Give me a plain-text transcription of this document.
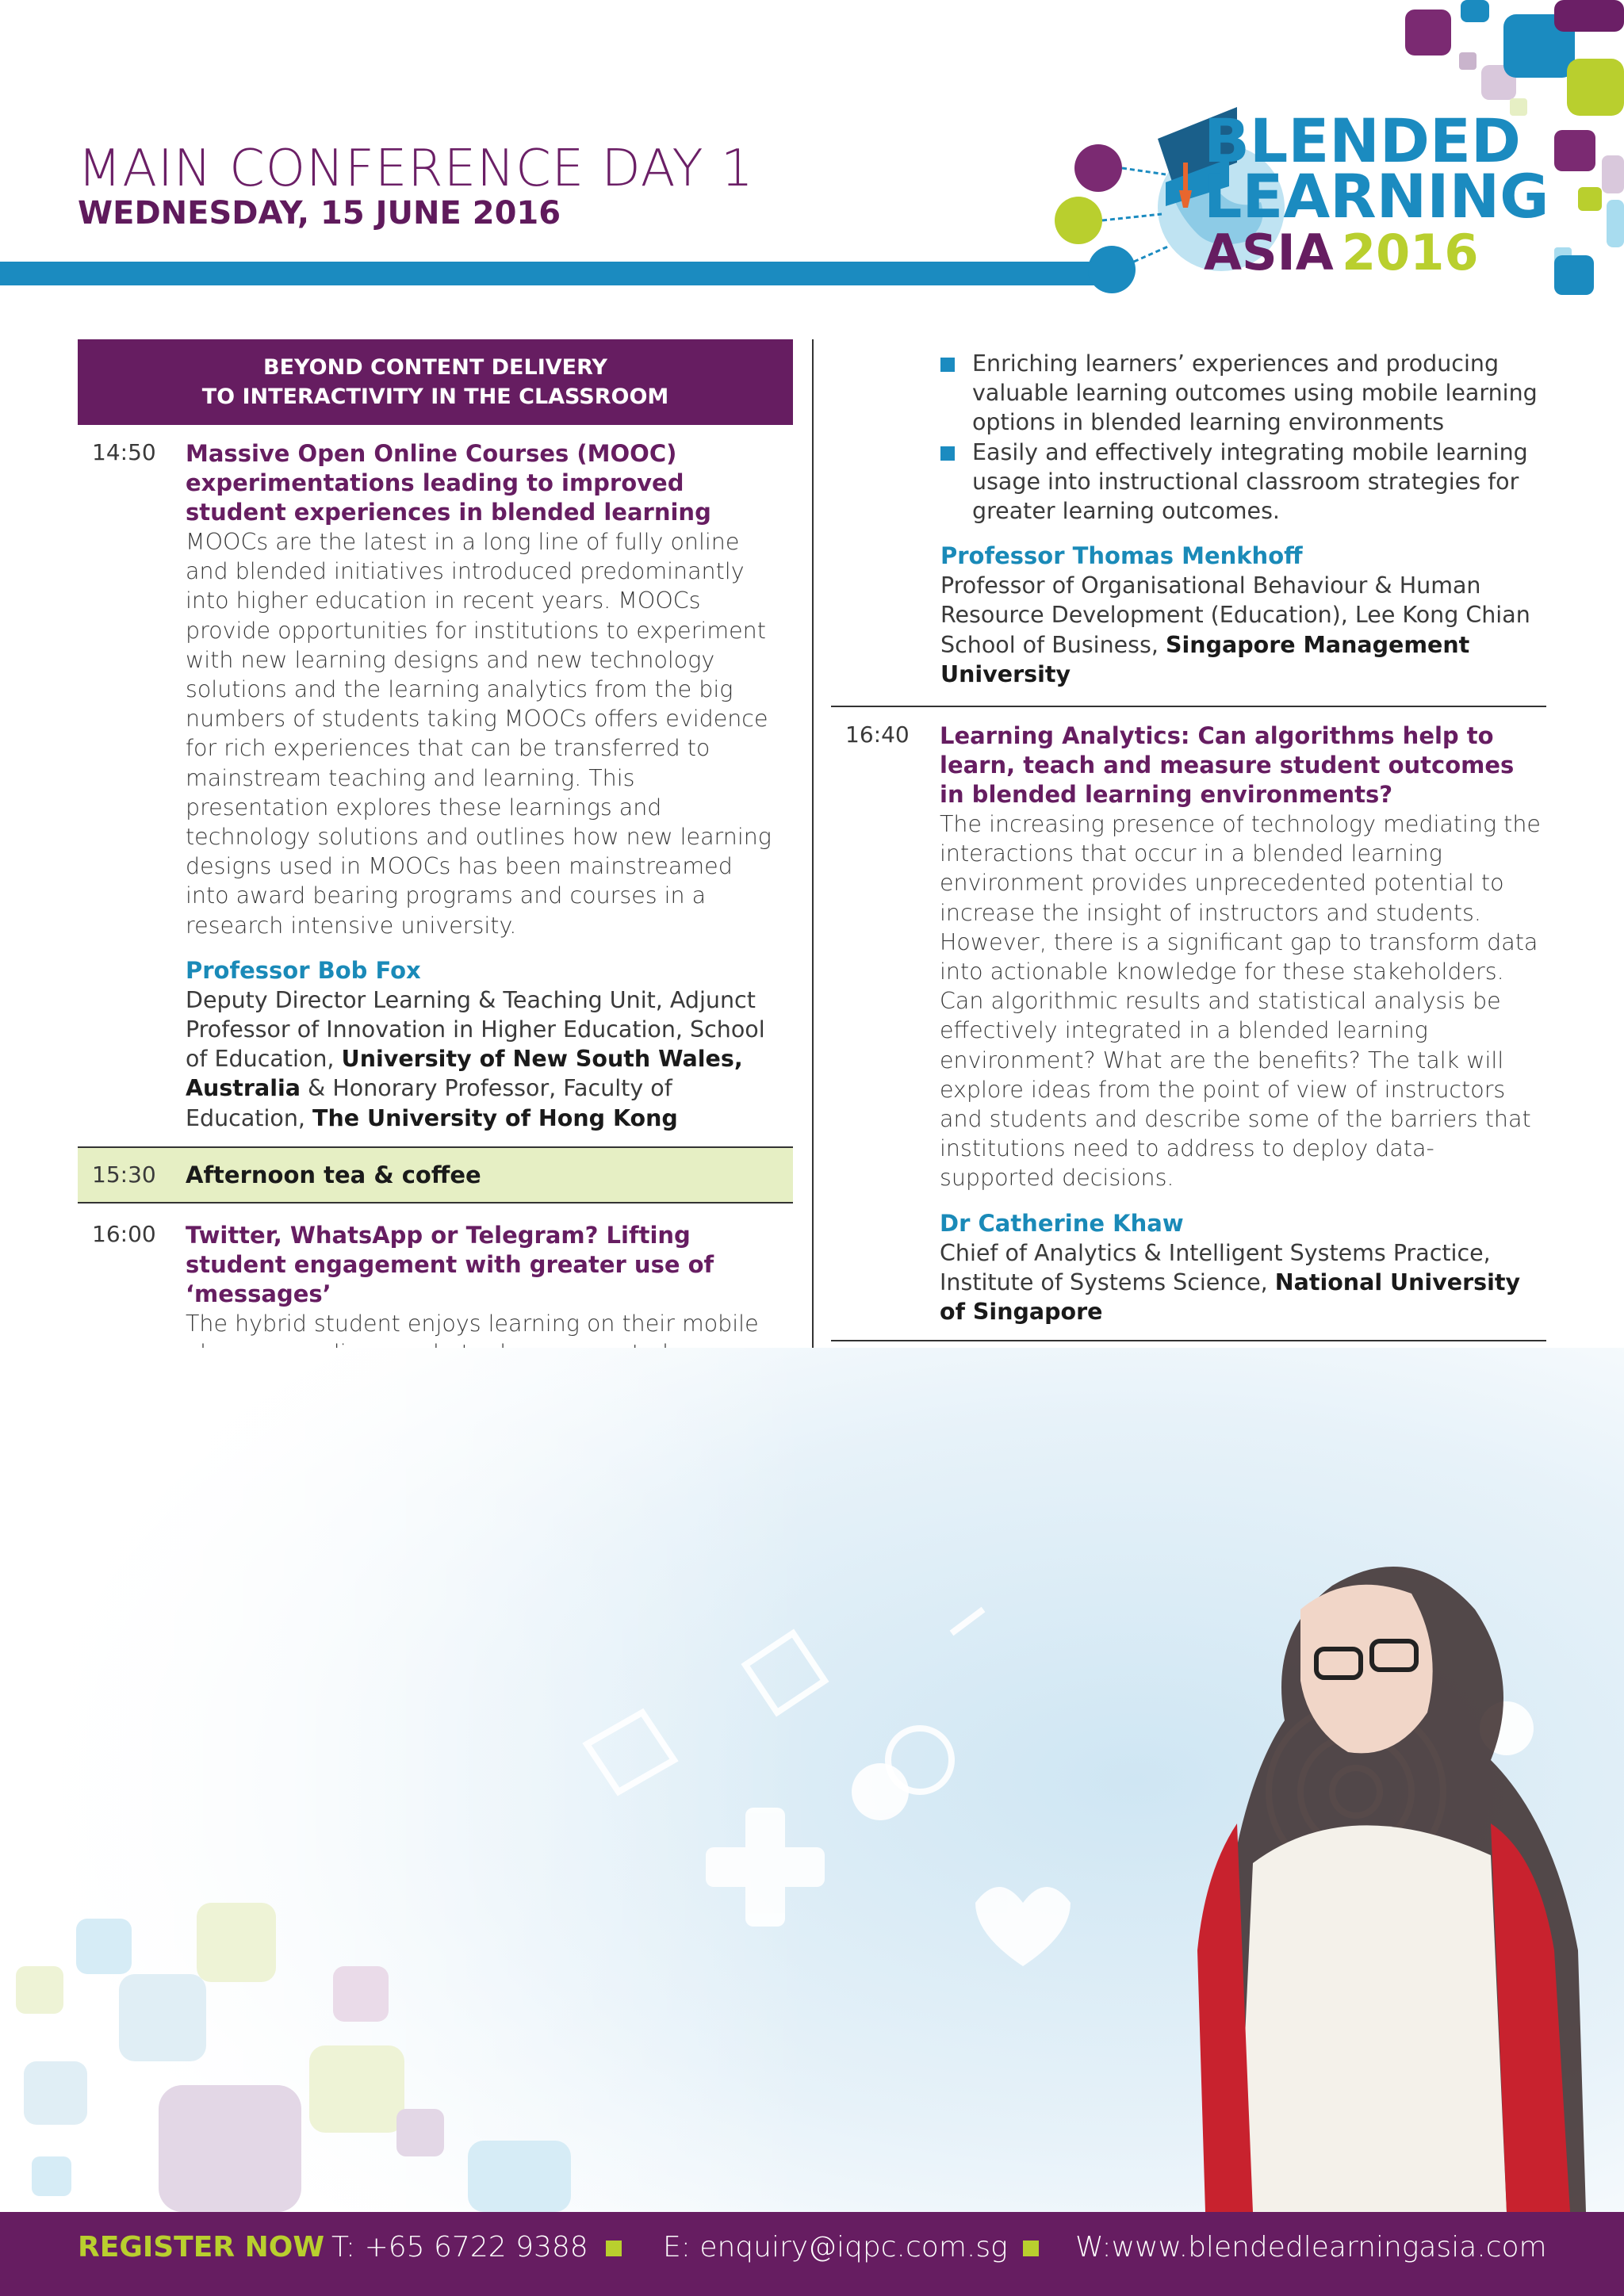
MAIN CONFERENCE DAY 1
WEDNESDAY, 15 JUNE 2016
BLENDED
LEARNING
ASIA 2016
BEYOND CONTENT DELIVERY
TO INTERACTIVITY IN THE CLASSROOM
14:50 Massive Open Online Courses (MOOC) experimentations leading to improved student experiences in blended learning
MOOCs are the latest in a long line of fully online and blended initiatives introduced predominantly into higher education in recent years. MOOCs provide opportunities for institutions to experiment with new learning designs and new technology solutions and the learning analytics from the big numbers of students taking MOOCs offers evidence for rich experiences that can be transferred to mainstream teaching and learning. This presentation explores these learnings and technology solutions and outlines how new learning designs used in MOOCs has been mainstreamed into award bearing programs and courses in a research intensive university.
Professor Bob Fox
Deputy Director Learning & Teaching Unit, Adjunct Professor of Innovation in Higher Education, School of Education, University of New South Wales, Australia & Honorary Professor, Faculty of Education, The University of Hong Kong
15:30 Afternoon tea & coffee
16:00 Twitter, WhatsApp or Telegram? Lifting student engagement with greater use of ‘messages’
The hybrid student enjoys learning on their mobile
Enriching learners’ experiences and producing valuable learning outcomes using mobile learning options in blended learning environments
Easily and effectively integrating mobile learning usage into instructional classroom strategies for greater learning outcomes.
Professor Thomas Menkhoff
Professor of Organisational Behaviour & Human Resource Development (Education), Lee Kong Chian School of Business, Singapore Management University
16:40 Learning Analytics: Can algorithms help to learn, teach and measure student outcomes in blended learning environments?
The increasing presence of technology mediating the interactions that occur in a blended learning environment provides unprecedented potential to increase the insight of instructors and students. However, there is a significant gap to transform data into actionable knowledge for these stakeholders. Can algorithmic results and statistical analysis be effectively integrated in a blended learning environment? What are the benefits? The talk will explore ideas from the point of view of instructors and students and describe some of the barriers that institutions need to address to deploy data-supported decisions.
Dr Catherine Khaw
Chief of Analytics & Intelligent Systems Practice, Institute of Systems Science, National University of Singapore
REGISTER NOW T: +65 6722 9388	E: enquiry@iqpc.com.sg W:www.blendedlearningasia.com
